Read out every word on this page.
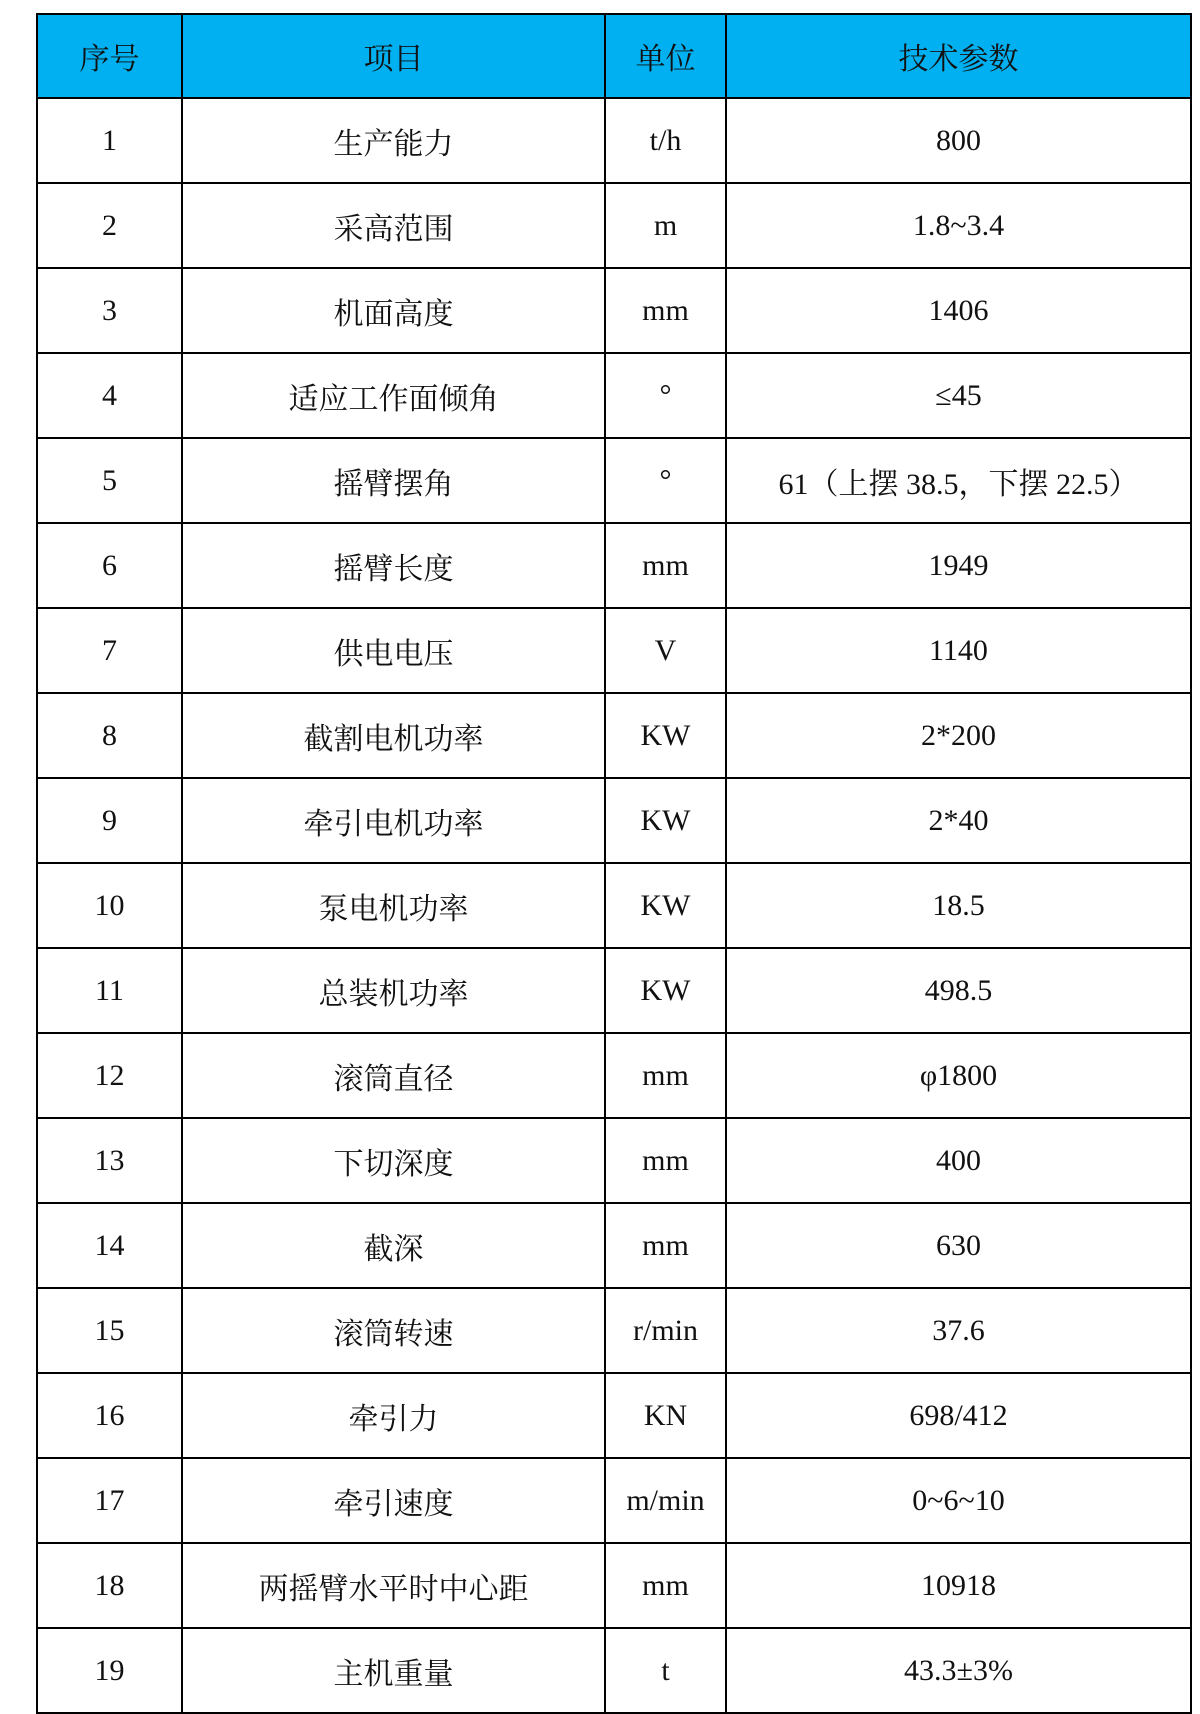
序号	项目	单位	技术参数
1	生产能力	t/h	800
2	采高范围	m	1.8~3.4
3	机面高度	mm	1406
4	适应工作面倾角	°	≤45
5	摇臂摆角	°	61（上摆 38.5，下摆 22.5）
6	摇臂长度	mm	1949
7	供电电压	V	1140
8	截割电机功率	KW	2*200
9	牵引电机功率	KW	2*40
10	泵电机功率	KW	18.5
11	总装机功率	KW	498.5
12	滚筒直径	mm	φ1800
13	下切深度	mm	400
14	截深	mm	630
15	滚筒转速	r/min	37.6
16	牵引力	KN	698/412
17	牵引速度	m/min	0~6~10
18	两摇臂水平时中心距	mm	10918
19	主机重量	t	43.3±3%
